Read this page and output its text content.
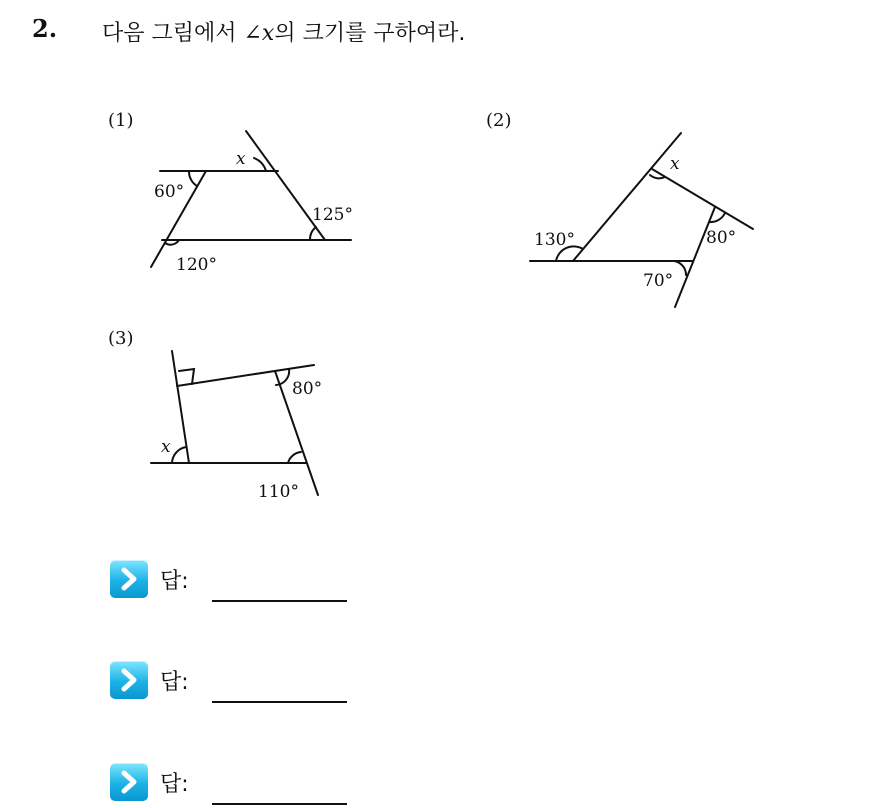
2. 다음 그림에서 ∠x의 크기를 구하여라.
(1)	(2)
(3)
x
60°
125°
120°
x
130°	80°
70°
80°
x
110°
답:
답:
답:
